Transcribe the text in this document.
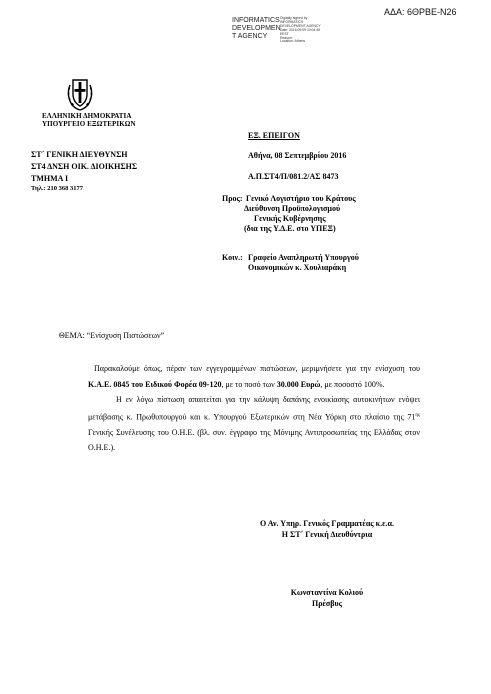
ΑΔΑ: 6ΘΡΒΕ-Ν26
INFORMATICS
DEVELOPMEN
T AGENCY
Digitally signed by
INFORMATICS
DEVELOPMENT AGENCY
Date: 2016.09.09 10:04:45
EEST
Reason:
Location: Athens
ΕΛΛΗΝΙΚΗ ΔΗΜΟΚΡΑΤΙΑ
ΥΠΟΥΡΓΕΙΟ ΕΞΩΤΕΡΙΚΩΝ
ΣΤ΄ ΓΕΝΙΚΗ ΔΙΕΥΘΥΝΣΗ
ΣΤ4 ΔΝΣΗ ΟΙΚ. ΔΙΟΙΚΗΣΗΣ
ΤΜΗΜΑ Ι
Τηλ.: 210 368 3177
ΕΞ. ΕΠΕΙΓΟΝ
Αθήνα, 08 Σεπτεμβρίου 2016
Α.Π.ΣΤ4/Π/081.2/ΑΣ 8473
Προς: Γενικό Λογιστήριο του Κράτους
Διεύθυνση Προϋπολογισμού
Γενικής Κυβέρνησης
(δια της Υ.Δ.Ε. στο ΥΠΕΞ)
Κοιν.: Γραφείο Αναπληρωτή Υπουργού
Οικονομικών κ. Χουλιαράκη
ΘΕΜΑ: “Ενίσχυση Πιστώσεων”

Παρακαλούμε όπως, πέραν των εγγεγραμμένων πιστώσεων, μεριμνήσετε για την ενίσχυση του Κ.Α.Ε. 0845 του Ειδικού Φορέα 09-120, με το ποσό των 30.000 Ευρώ, με ποσοστό 100%.

Η εν λόγω πίστωση απαιτείται για την κάλυψη δαπάνης ενοικίασης αυτοκινήτων ενόψει μετάβασης κ. Πρωθυπουργού και κ. Υπουργού Εξωτερικών στη Νέα Υόρκη στο πλαίσιο της $71^{\eta\varsigma}$ Γενικής Συνέλευσης του Ο.Η.Ε. (βλ. συν. έγγραφο της Μόνιμης Αντιπροσωπείας της Ελλάδας στον Ο.Η.Ε.).

Ο Αν. Υπηρ. Γενικός Γραμματέας κ.ε.α.
Η ΣΤ΄ Γενική Διευθύντρια
Κωνσταντίνα Κολιού
Πρέσβυς
